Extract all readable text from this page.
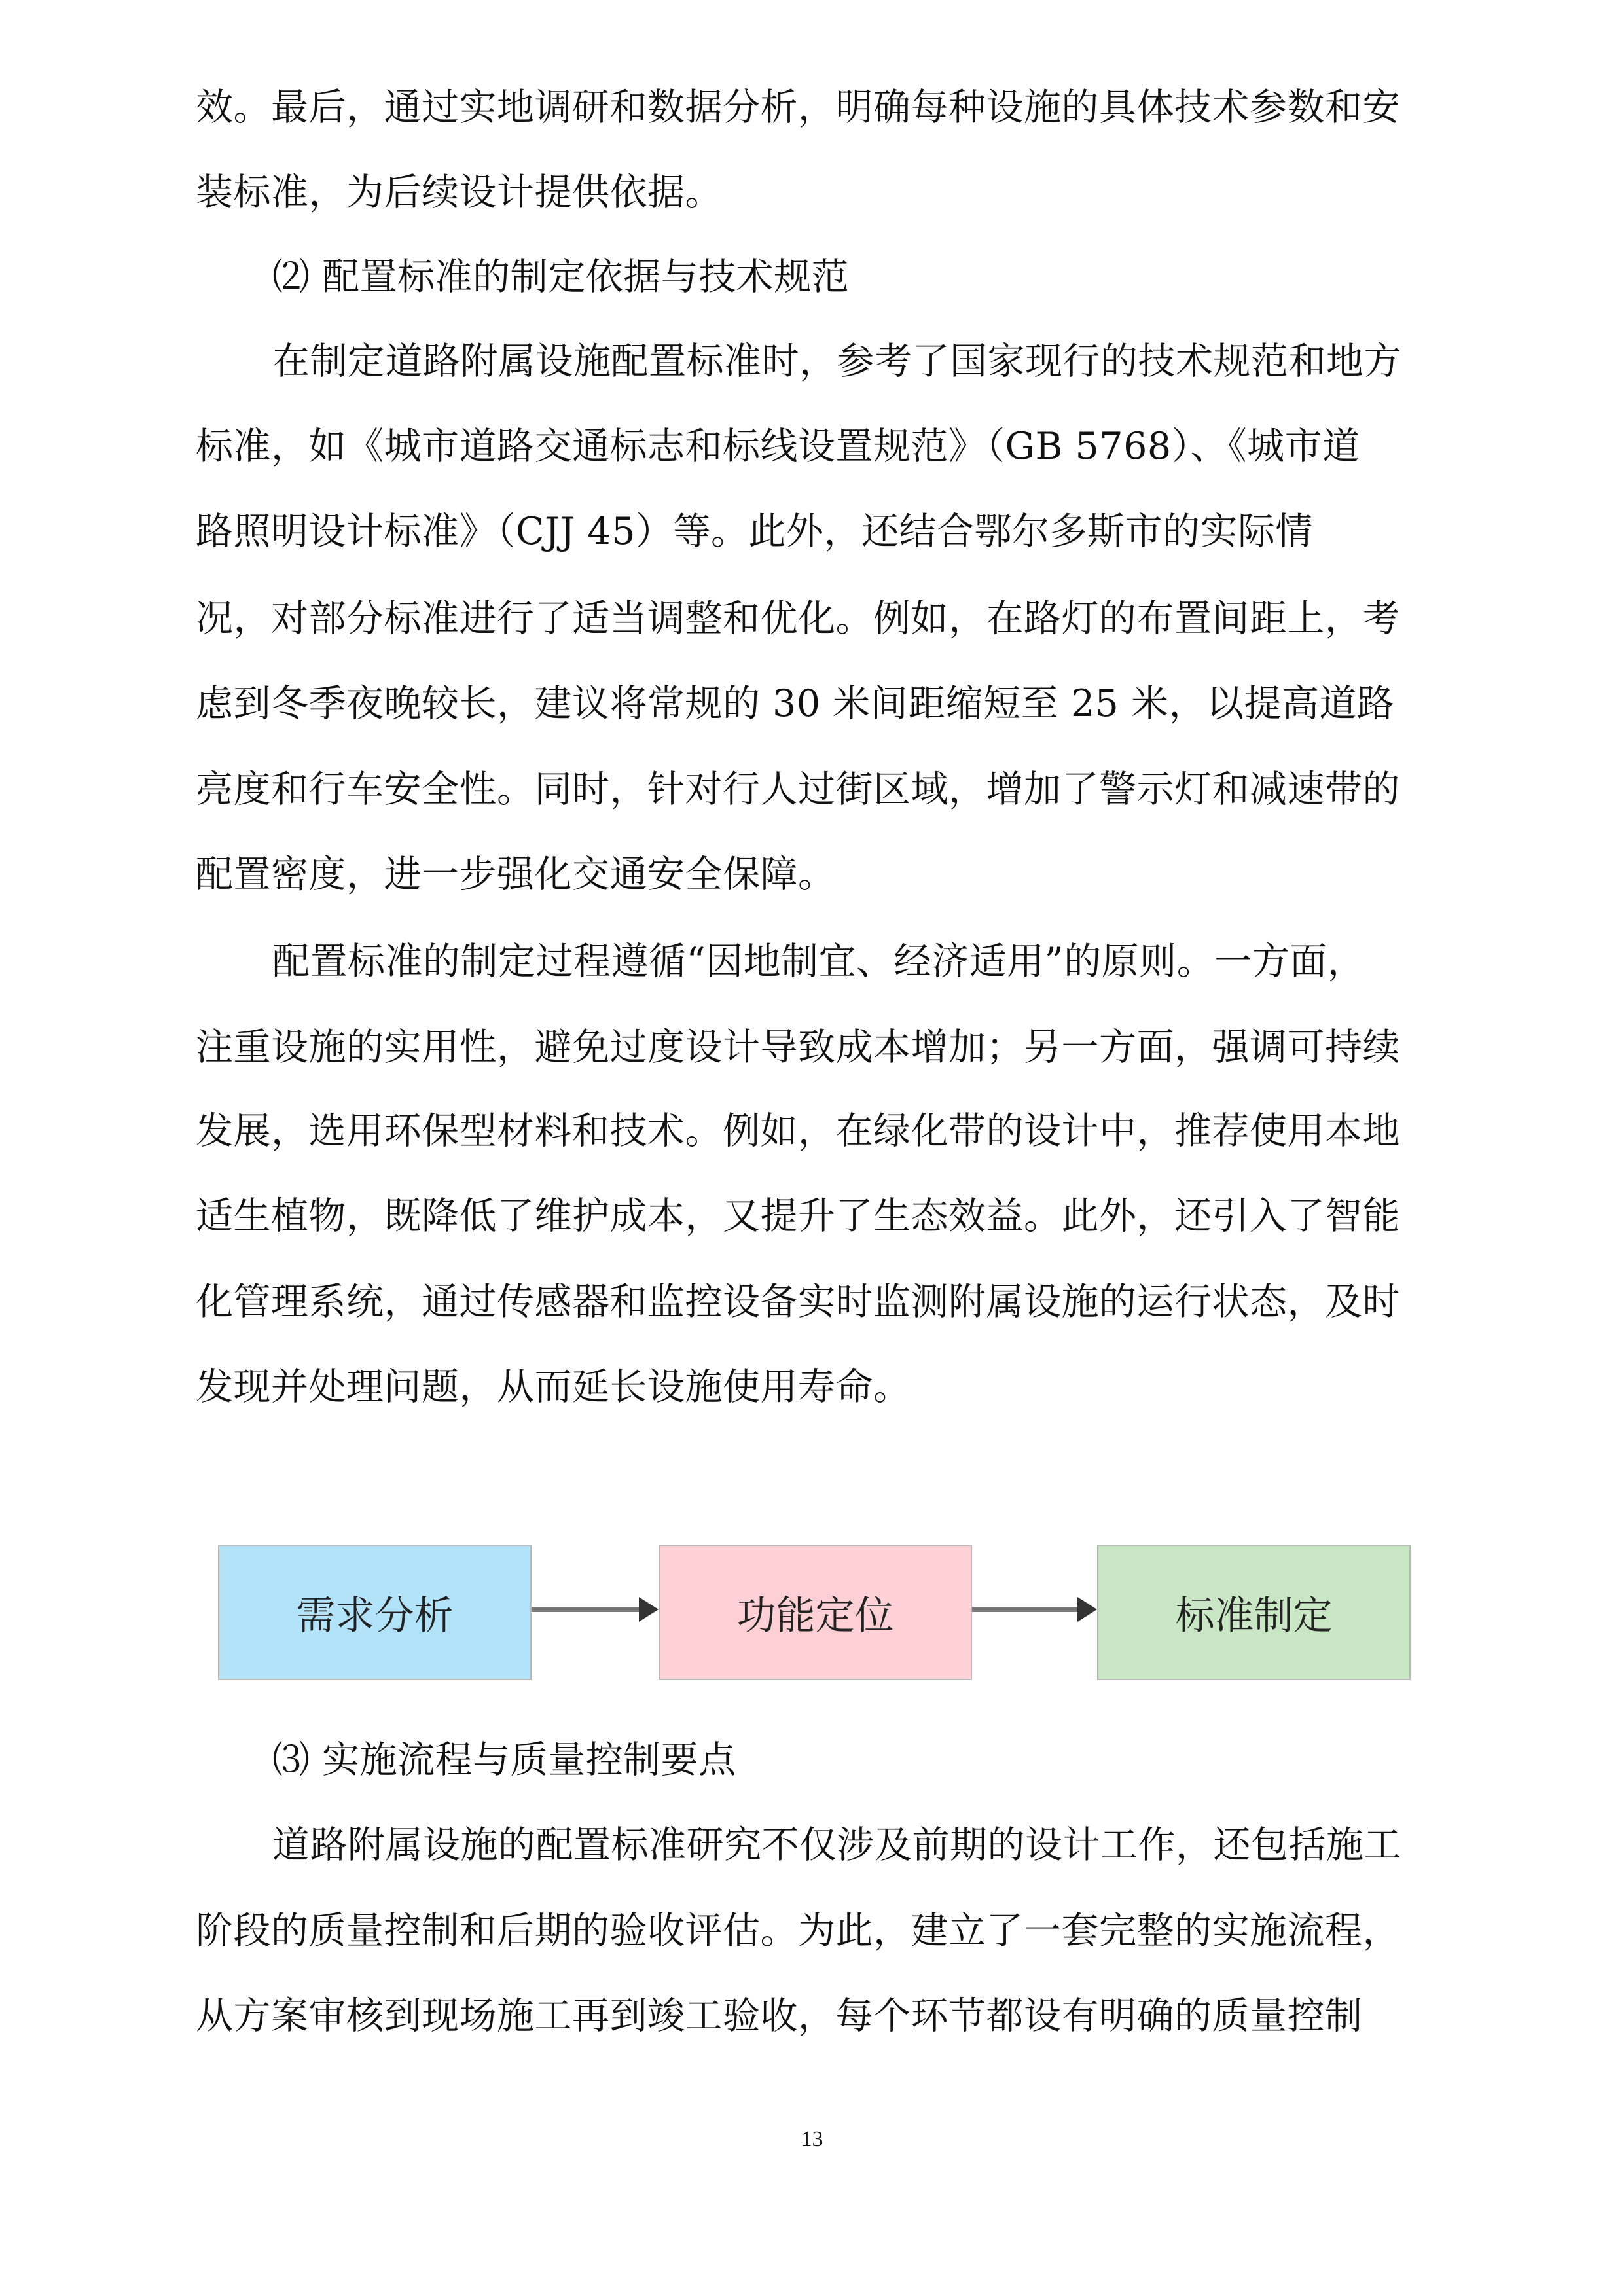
效。最后，通过实地调研和数据分析，明确每种设施的具体技术参数和安
装标准，为后续设计提供依据。
⑵ 配置标准的制定依据与技术规范
在制定道路附属设施配置标准时，参考了国家现行的技术规范和地方
标准，如《城市道路交通标志和标线设置规范》（GB 5768）、《城市道
路照明设计标准》（CJJ 45）等。此外，还结合鄂尔多斯市的实际情
况，对部分标准进行了适当调整和优化。例如，在路灯的布置间距上，考
虑到冬季夜晚较长，建议将常规的 30 米间距缩短至 25 米，以提高道路
亮度和行车安全性。同时，针对行人过街区域，增加了警示灯和减速带的
配置密度，进一步强化交通安全保障。
配置标准的制定过程遵循“因地制宜、经济适用”的原则。一方面，
注重设施的实用性，避免过度设计导致成本增加；另一方面，强调可持续
发展，选用环保型材料和技术。例如，在绿化带的设计中，推荐使用本地
适生植物，既降低了维护成本，又提升了生态效益。此外，还引入了智能
化管理系统，通过传感器和监控设备实时监测附属设施的运行状态，及时
发现并处理问题，从而延长设施使用寿命。
需求分析	功能定位	标准制定
⑶ 实施流程与质量控制要点
道路附属设施的配置标准研究不仅涉及前期的设计工作，还包括施工
阶段的质量控制和后期的验收评估。为此，建立了一套完整的实施流程，
从方案审核到现场施工再到竣工验收，每个环节都设有明确的质量控制
13
